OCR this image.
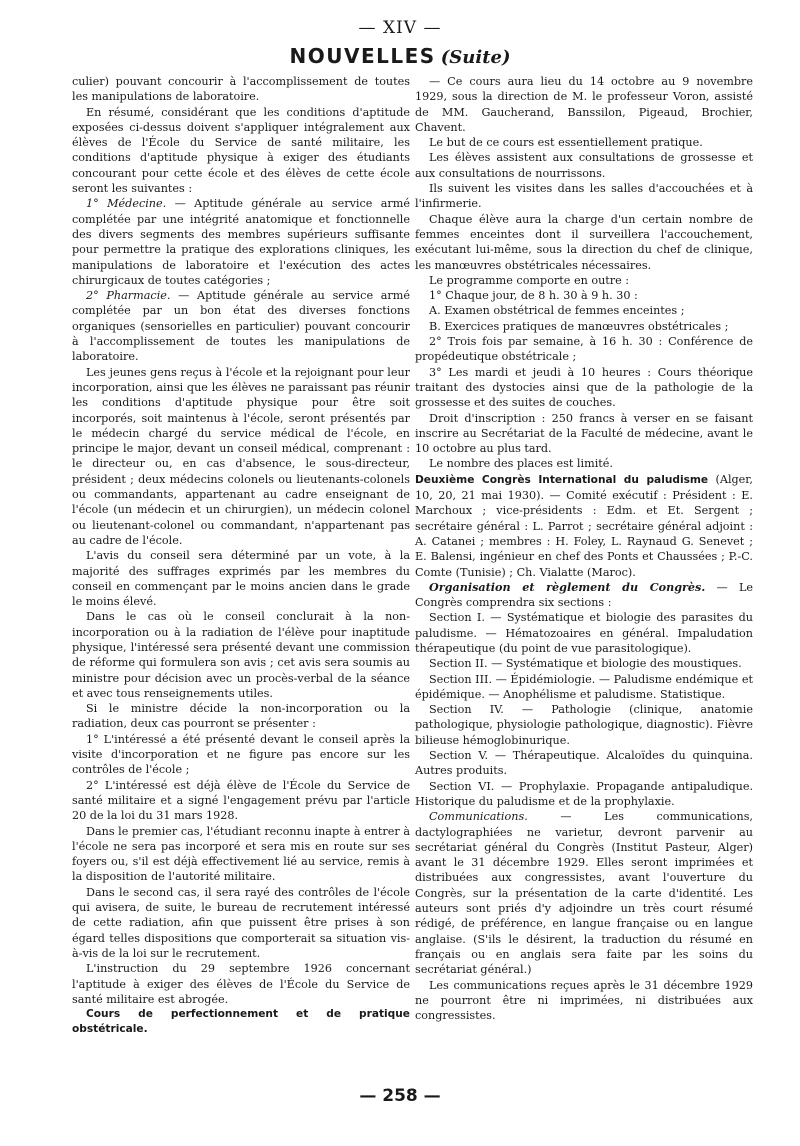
— XIV —
NOUVELLES (Suite)

culier) pouvant concourir à l'accomplissement de toutes les manipulations de laboratoire.

En résumé, considérant que les conditions d'aptitude exposées ci-dessus doivent s'appliquer intégralement aux élèves de l'École du Service de santé militaire, les conditions d'aptitude physique à exiger des étudiants concourant pour cette école et des élèves de cette école seront les suivantes :

1° Médecine. — Aptitude générale au service armé complétée par une intégrité anatomique et fonctionnelle des divers segments des membres supérieurs suffisante pour permettre la pratique des explorations cliniques, les manipulations de laboratoire et l'exécution des actes chirurgicaux de toutes catégories ;

2° Pharmacie. — Aptitude générale au service armé complétée par un bon état des diverses fonctions organiques (sensorielles en particulier) pouvant concourir à l'accomplissement de toutes les manipulations de laboratoire.

Les jeunes gens reçus à l'école et la rejoignant pour leur incorporation, ainsi que les élèves ne paraissant pas réunir les conditions d'aptitude physique pour être soit incorporés, soit maintenus à l'école, seront présentés par le médecin chargé du service médical de l'école, en principe le major, devant un conseil médical, comprenant : le directeur ou, en cas d'absence, le sous-directeur, président ; deux médecins colonels ou lieutenants-colonels ou commandants, appartenant au cadre enseignant de l'école (un médecin et un chirurgien), un médecin colonel ou lieutenant-colonel ou commandant, n'appartenant pas au cadre de l'école.

L'avis du conseil sera déterminé par un vote, à la majorité des suffrages exprimés par les membres du conseil en commençant par le moins ancien dans le grade le moins élevé.

Dans le cas où le conseil conclurait à la non-incorporation ou à la radiation de l'élève pour inaptitude physique, l'intéressé sera présenté devant une commission de réforme qui formulera son avis ; cet avis sera soumis au ministre pour décision avec un procès-verbal de la séance et avec tous renseignements utiles.

Si le ministre décide la non-incorporation ou la radiation, deux cas pourront se présenter :

1° L'intéressé a été présenté devant le conseil après la visite d'incorporation et ne figure pas encore sur les contrôles de l'école ;

2° L'intéressé est déjà élève de l'École du Service de santé militaire et a signé l'engagement prévu par l'article 20 de la loi du 31 mars 1928.

Dans le premier cas, l'étudiant reconnu inapte à entrer à l'école ne sera pas incorporé et sera mis en route sur ses foyers ou, s'il est déjà effectivement lié au service, remis à la disposition de l'autorité militaire.

Dans le second cas, il sera rayé des contrôles de l'école qui avisera, de suite, le bureau de recrutement intéressé de cette radiation, afin que puissent être prises à son égard telles dispositions que comporterait sa situation vis-à-vis de la loi sur le recrutement.

L'instruction du 29 septembre 1926 concernant l'aptitude à exiger des élèves de l'École du Service de santé militaire est abrogée.

Cours de perfectionnement et de pratique obstétricale.

— Ce cours aura lieu du 14 octobre au 9 novembre 1929, sous la direction de M. le professeur Voron, assisté de MM. Gaucherand, Banssilon, Pigeaud, Brochier, Chavent.

Le but de ce cours est essentiellement pratique.

Les élèves assistent aux consultations de grossesse et aux consultations de nourrissons.

Ils suivent les visites dans les salles d'accouchées et à l'infirmerie.

Chaque élève aura la charge d'un certain nombre de femmes enceintes dont il surveillera l'accouchement, exécutant lui-même, sous la direction du chef de clinique, les manœuvres obstétricales nécessaires.

Le programme comporte en outre :

1° Chaque jour, de 8 h. 30 à 9 h. 30 :

A. Examen obstétrical de femmes enceintes ;

B. Exercices pratiques de manœuvres obstétricales ;

2° Trois fois par semaine, à 16 h. 30 : Conférence de propédeutique obstétricale ;

3° Les mardi et jeudi à 10 heures : Cours théorique traitant des dystocies ainsi que de la pathologie de la grossesse et des suites de couches.

Droit d'inscription : 250 francs à verser en se faisant inscrire au Secrétariat de la Faculté de médecine, avant le 10 octobre au plus tard.

Le nombre des places est limité.

Deuxième Congrès International du paludisme (Alger, 10, 20, 21 mai 1930). — Comité exécutif : Président : E. Marchoux ; vice-présidents : Edm. et Et. Sergent ; secrétaire général : L. Parrot ; secrétaire général adjoint : A. Catanei ; membres : H. Foley, L. Raynaud G. Senevet ; E. Balensi, ingénieur en chef des Ponts et Chaussées ; P.-C. Comte (Tunisie) ; Ch. Vialatte (Maroc).

Organisation et règlement du Congrès. — Le Congrès comprendra six sections :

Section I. — Systématique et biologie des parasites du paludisme. — Hématozoaires en général. Impaludation thérapeutique (du point de vue parasitologique).

Section II. — Systématique et biologie des moustiques.

Section III. — Épidémiologie. — Paludisme endémique et épidémique. — Anophélisme et paludisme. Statistique.

Section IV. — Pathologie (clinique, anatomie pathologique, physiologie pathologique, diagnostic). Fièvre bilieuse hémoglobinurique.

Section V. — Thérapeutique. Alcaloïdes du quinquina. Autres produits.

Section VI. — Prophylaxie. Propagande antipaludique. Historique du paludisme et de la prophylaxie.

Communications. — Les communications, dactylographiées ne varietur, devront parvenir au secrétariat général du Congrès (Institut Pasteur, Alger) avant le 31 décembre 1929. Elles seront imprimées et distribuées aux congressistes, avant l'ouverture du Congrès, sur la présentation de la carte d'identité. Les auteurs sont priés d'y adjoindre un très court résumé rédigé, de préférence, en langue française ou en langue anglaise. (S'ils le désirent, la traduction du résumé en français ou en anglais sera faite par les soins du secrétariat général.)

Les communications reçues après le 31 décembre 1929 ne pourront être ni imprimées, ni distribuées aux congressistes.

— 258 —
